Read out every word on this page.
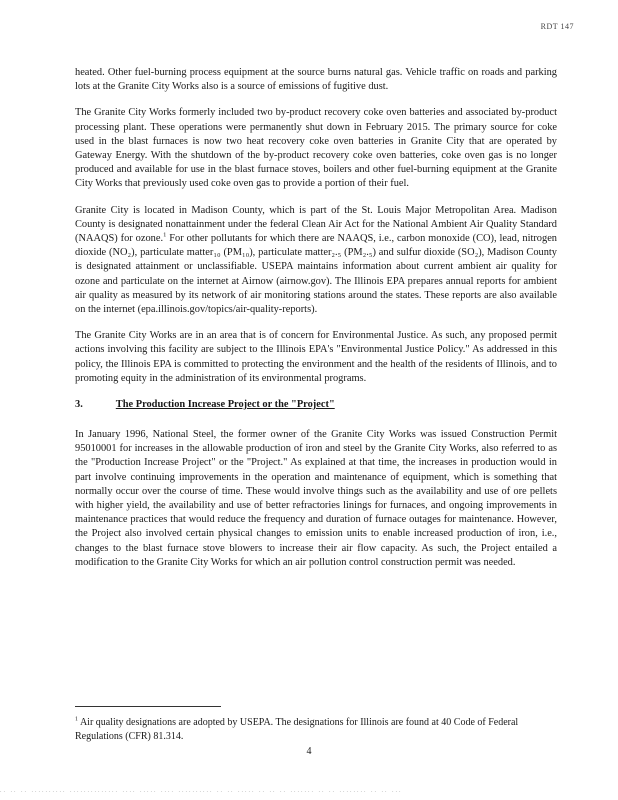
RDT 147

heated. Other fuel-burning process equipment at the source burns natural gas. Vehicle traffic on roads and parking lots at the Granite City Works also is a source of emissions of fugitive dust.

The Granite City Works formerly included two by-product recovery coke oven batteries and associated by-product processing plant. These operations were permanently shut down in February 2015. The primary source for coke used in the blast furnaces is now two heat recovery coke oven batteries in Granite City that are operated by Gateway Energy. With the shutdown of the by-product recovery coke oven batteries, coke oven gas is no longer produced and available for use in the blast furnace stoves, boilers and other fuel-burning equipment at the Granite City Works that previously used coke oven gas to provide a portion of their fuel.

Granite City is located in Madison County, which is part of the St. Louis Major Metropolitan Area. Madison County is designated nonattainment under the federal Clean Air Act for the National Ambient Air Quality Standard (NAAQS) for ozone.$^1$ For other pollutants for which there are NAAQS, i.e., carbon monoxide (CO), lead, nitrogen dioxide (NO₂), particulate matter₁₀ (PM₁₀), particulate matter₂.₅ (PM₂.₅) and sulfur dioxide (SO₂), Madison County is designated attainment or unclassifiable. USEPA maintains information about current ambient air quality for ozone and particulate on the internet at Airnow (airnow.gov). The Illinois EPA prepares annual reports for ambient air quality as measured by its network of air monitoring stations around the states. These reports are also available on the internet (epa.illinois.gov/topics/air-quality-reports).

The Granite City Works are in an area that is of concern for Environmental Justice. As such, any proposed permit actions involving this facility are subject to the Illinois EPA's "Environmental Justice Policy." As addressed in this policy, the Illinois EPA is committed to protecting the environment and the health of the residents of Illinois, and to promoting equity in the administration of its environmental programs.

3.	The Production Increase Project or the "Project"

In January 1996, National Steel, the former owner of the Granite City Works was issued Construction Permit 95010001 for increases in the allowable production of iron and steel by the Granite City Works, also referred to as the "Production Increase Project" or the "Project." As explained at that time, the increases in production would in part involve continuing improvements in the operation and maintenance of equipment, which is something that normally occur over the course of time. These would involve things such as the availability and use of ore pellets with higher yield, the availability and use of better refractories linings for furnaces, and ongoing improvements in maintenance practices that would reduce the frequency and duration of furnace outages for maintenance. However, the Project also involved certain physical changes to emission units to enable increased production of iron, i.e., changes to the blast furnace stove blowers to increase their air flow capacity. As such, the Project entailed a modification to the Granite City Works for which an air pollution control construction permit was needed.

$^1$ Air quality designations are adopted by USEPA. The designations for Illinois are found at 40 Code of Federal Regulations (CFR) 81.314.
4
.. .. .. .......... .............. .... ..... .... .......... .. .. ..... .. .. .. ....... .. .. ........ .. .. ...
